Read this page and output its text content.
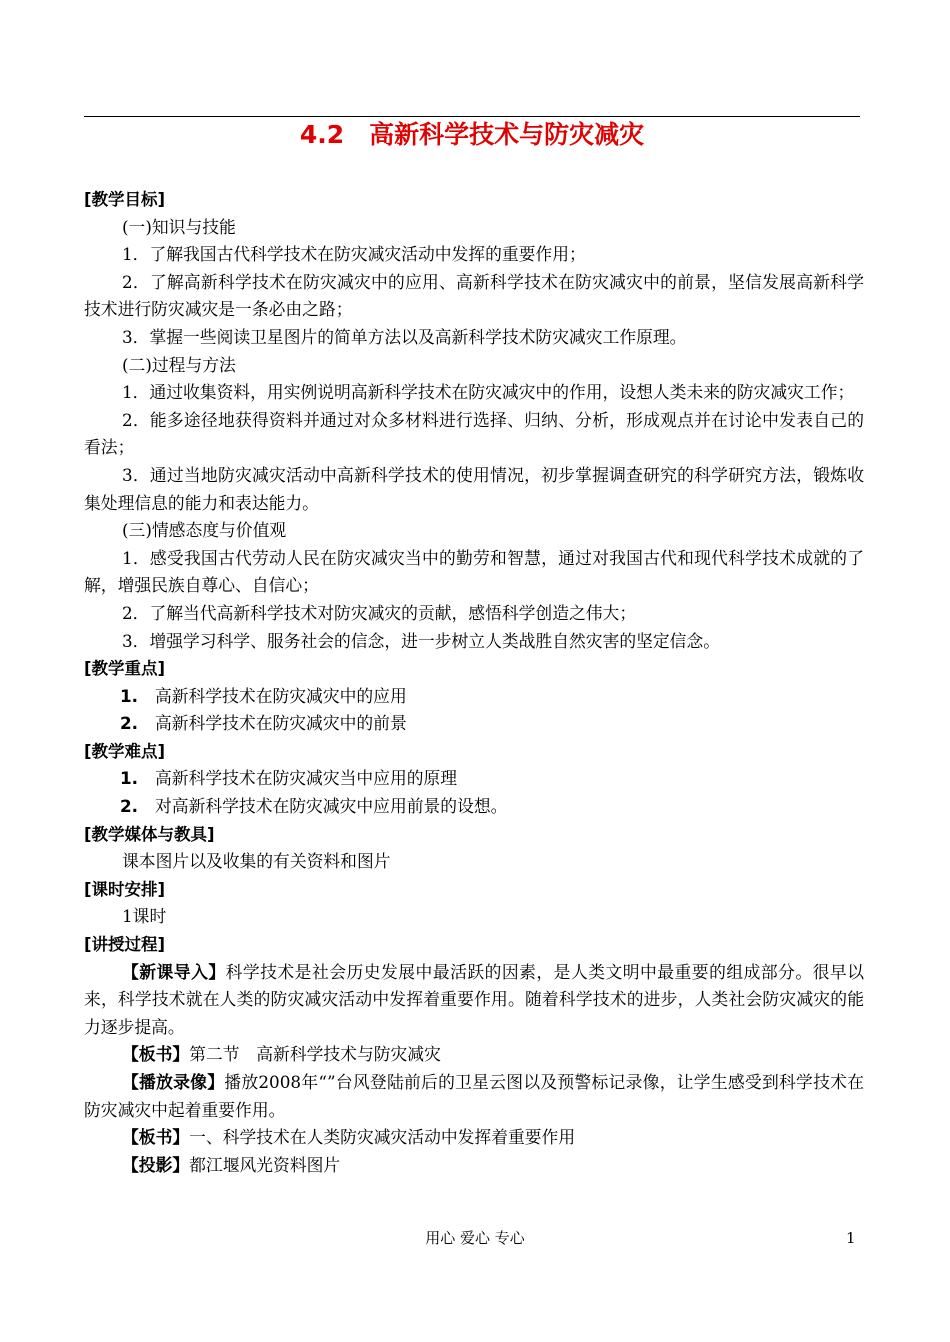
4.2　高新科学技术与防灾减灾

[教学目标]

(一)知识与技能

1．了解我国古代科学技术在防灾减灾活动中发挥的重要作用；

2．了解高新科学技术在防灾减灾中的应用、高新科学技术在防灾减灾中的前景，坚信发展高新科学技术进行防灾减灾是一条必由之路；

3．掌握一些阅读卫星图片的简单方法以及高新科学技术防灾减灾工作原理。

(二)过程与方法

1．通过收集资料，用实例说明高新科学技术在防灾减灾中的作用，设想人类未来的防灾减灾工作；

2．能多途径地获得资料并通过对众多材料进行选择、归纳、分析，形成观点并在讨论中发表自己的看法；

3．通过当地防灾减灾活动中高新科学技术的使用情况，初步掌握调查研究的科学研究方法，锻炼收集处理信息的能力和表达能力。

(三)情感态度与价值观

1．感受我国古代劳动人民在防灾减灾当中的勤劳和智慧，通过对我国古代和现代科学技术成就的了解，增强民族自尊心、自信心；

2．了解当代高新科学技术对防灾减灾的贡献，感悟科学创造之伟大；

3．增强学习科学、服务社会的信念，进一步树立人类战胜自然灾害的坚定信念。

[教学重点]

1. 高新科学技术在防灾减灾中的应用

2. 高新科学技术在防灾减灾中的前景

[教学难点]

1. 高新科学技术在防灾减灾当中应用的原理

2. 对高新科学技术在防灾减灾中应用前景的设想。

[教学媒体与教具]

课本图片以及收集的有关资料和图片

[课时安排]

1课时

[讲授过程]

【新课导入】科学技术是社会历史发展中最活跃的因素，是人类文明中最重要的组成部分。很早以来，科学技术就在人类的防灾减灾活动中发挥着重要作用。随着科学技术的进步，人类社会防灾减灾的能力逐步提高。

【板书】第二节　高新科学技术与防灾减灾

【播放录像】播放2008年“”台风登陆前后的卫星云图以及预警标记录像，让学生感受到科学技术在防灾减灾中起着重要作用。

【板书】一、科学技术在人类防灾减灾活动中发挥着重要作用

【投影】都江堰风光资料图片

用心 爱心 专心	1
